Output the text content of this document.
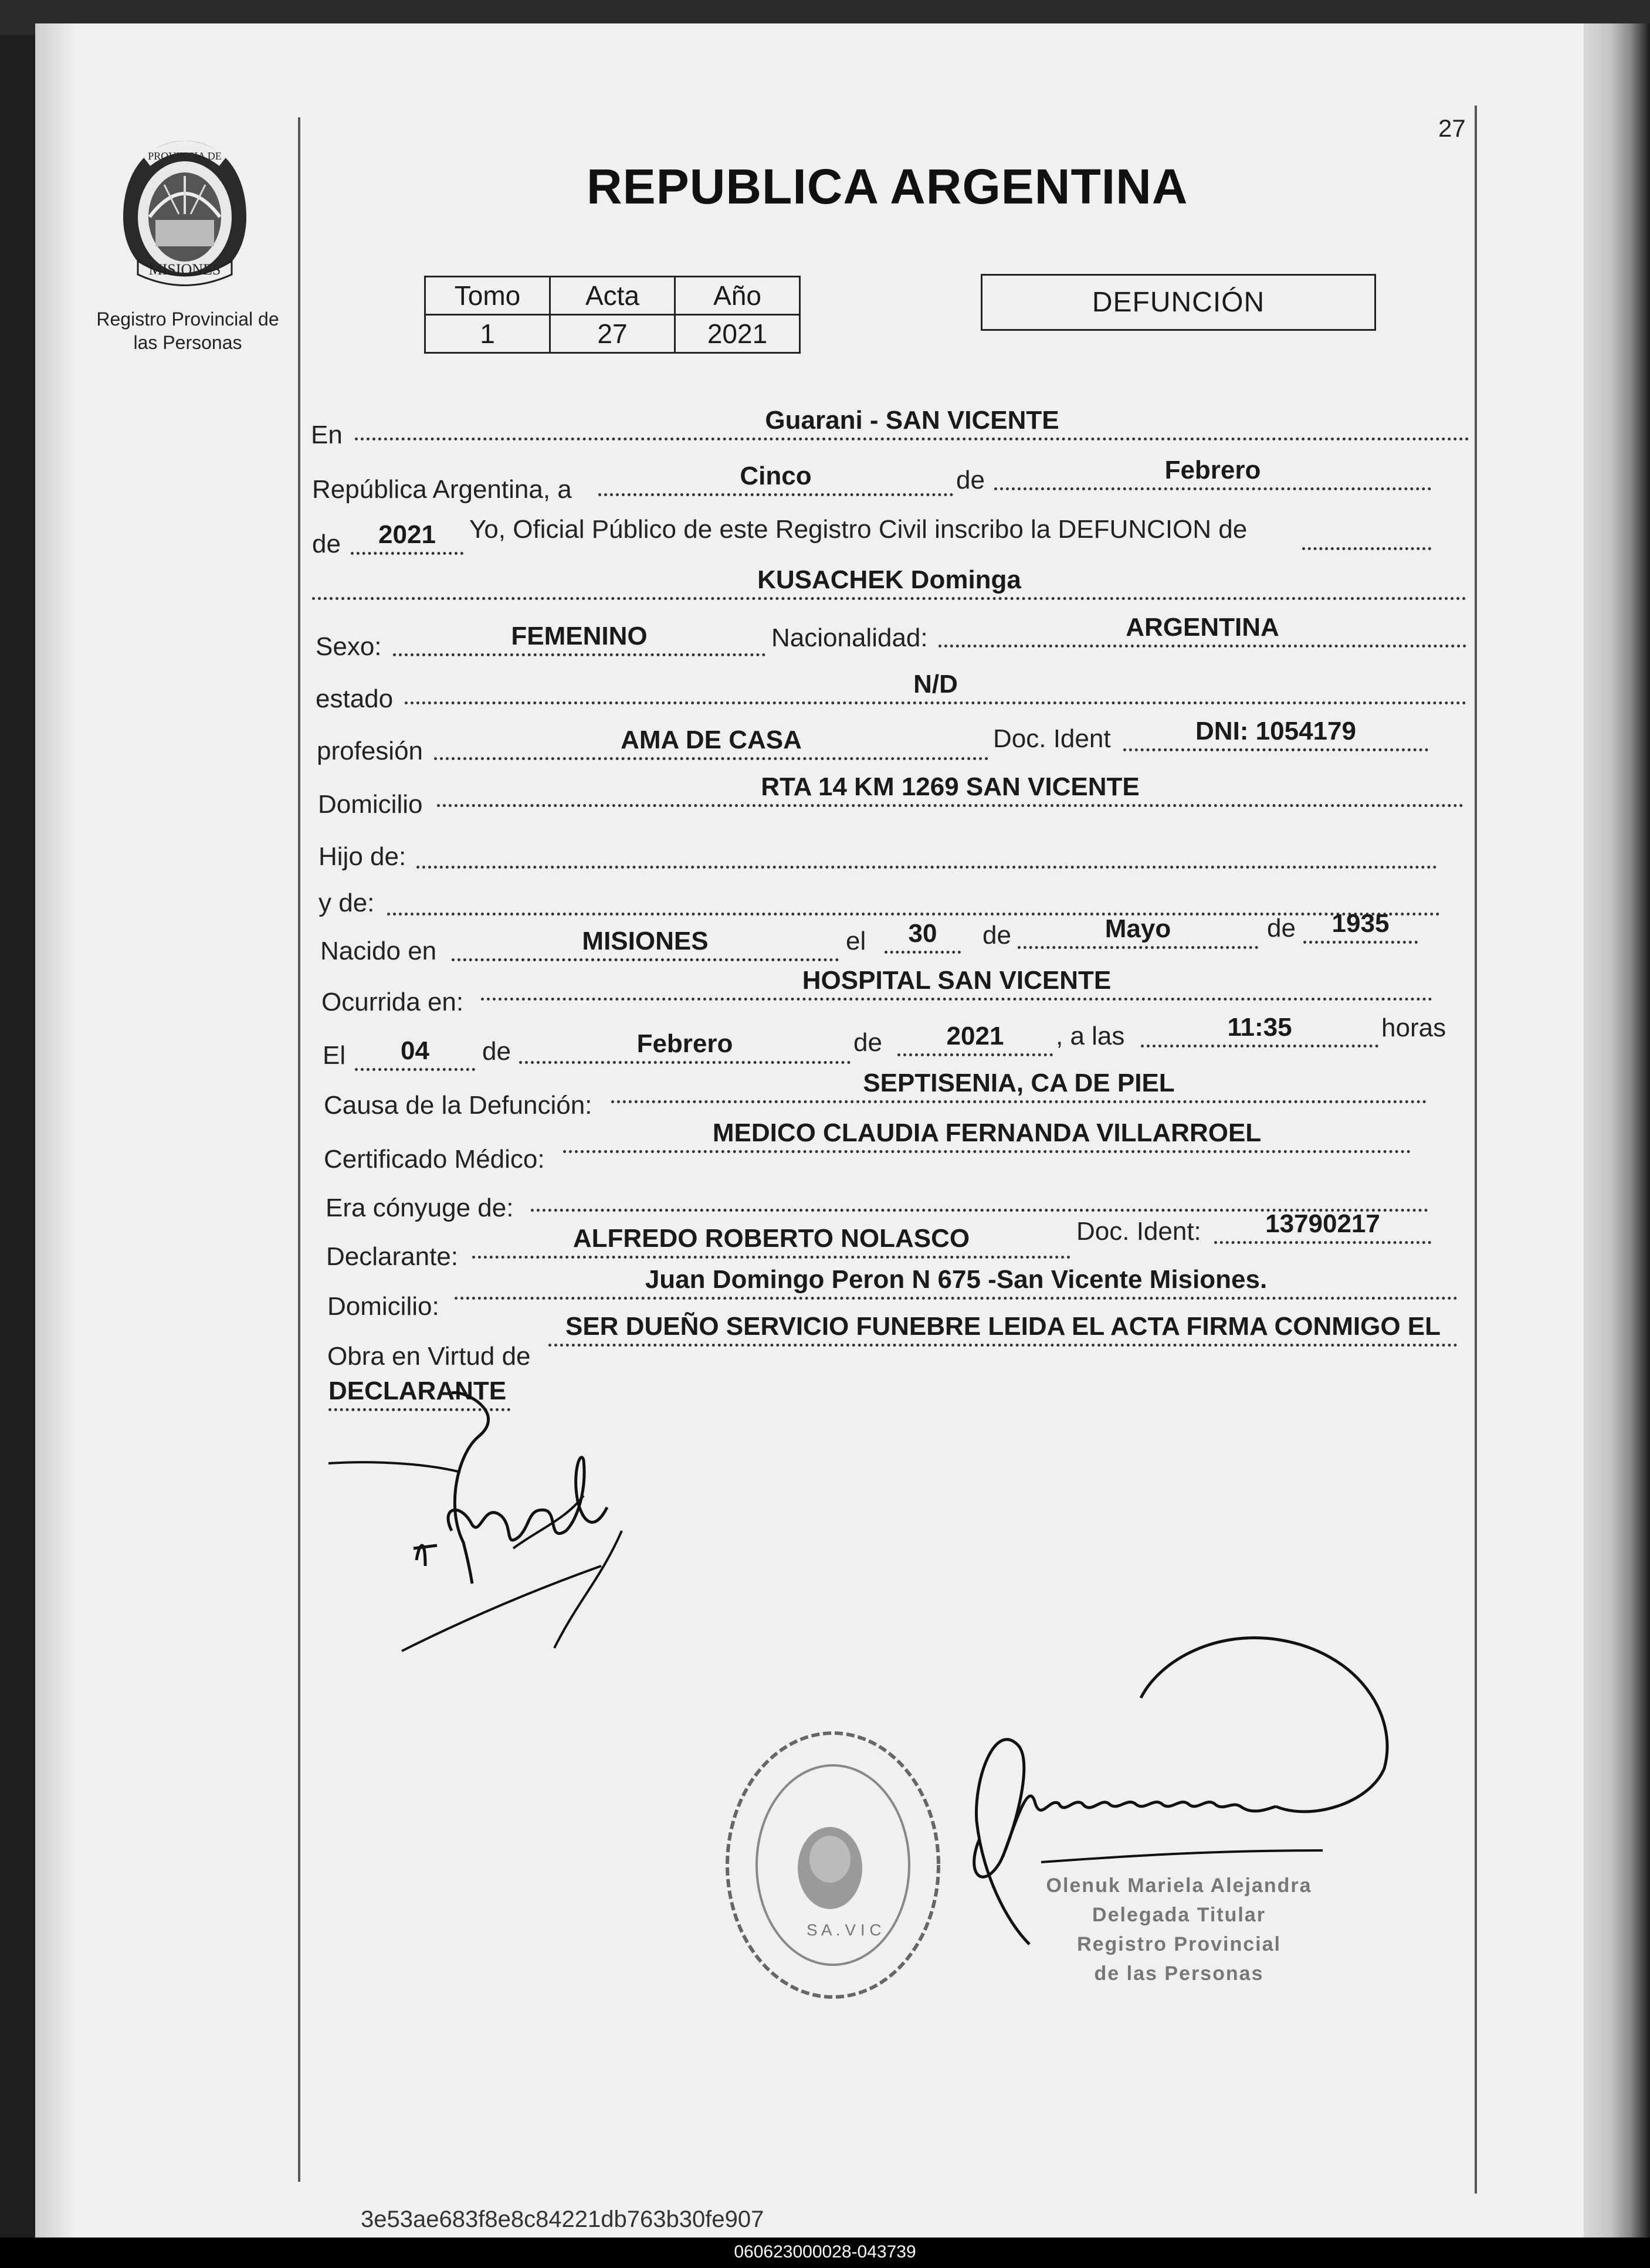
27
MISIONES
PROVINCIA DE
Registro Provincial de
las Personas
REPUBLICA ARGENTINA
Tomo	Acta	Año
1	27	2021
DEFUNCIÓN
En
Guarani - SAN VICENTE
República Argentina, a	Cinco	de	Febrero
de	2021	Yo, Oficial Público de este Registro Civil inscribo la DEFUNCION de
KUSACHEK Dominga
Sexo:	FEMENINO	Nacionalidad:	ARGENTINA
estado
N/D
profesión	AMA DE CASA	Doc. Ident	DNI: 1054179
Domicilio
RTA 14 KM 1269 SAN VICENTE
Hijo de:
y de:
Nacido en	MISIONES	el	30	de	Mayo	de	1935
Ocurrida en:
HOSPITAL SAN VICENTE
El	04	de	Febrero	de	2021	, a las	11:35	horas
Causa de la Defunción:
SEPTISENIA, CA DE PIEL
Certificado Médico:
MEDICO CLAUDIA FERNANDA VILLARROEL
Era cónyuge de:
Declarante:
ALFREDO ROBERTO NOLASCO	Doc. Ident:	13790217
Domicilio:
Juan Domingo Peron N 675 -San Vicente Misiones.
Obra en Virtud de
SER DUEÑO SERVICIO FUNEBRE LEIDA EL ACTA FIRMA CONMIGO EL
DECLARANTE
S A . V I C
Olenuk Mariela Alejandra
Delegada Titular
Registro Provincial
de las Personas
3e53ae683f8e8c84221db763b30fe907
060623000028-043739
